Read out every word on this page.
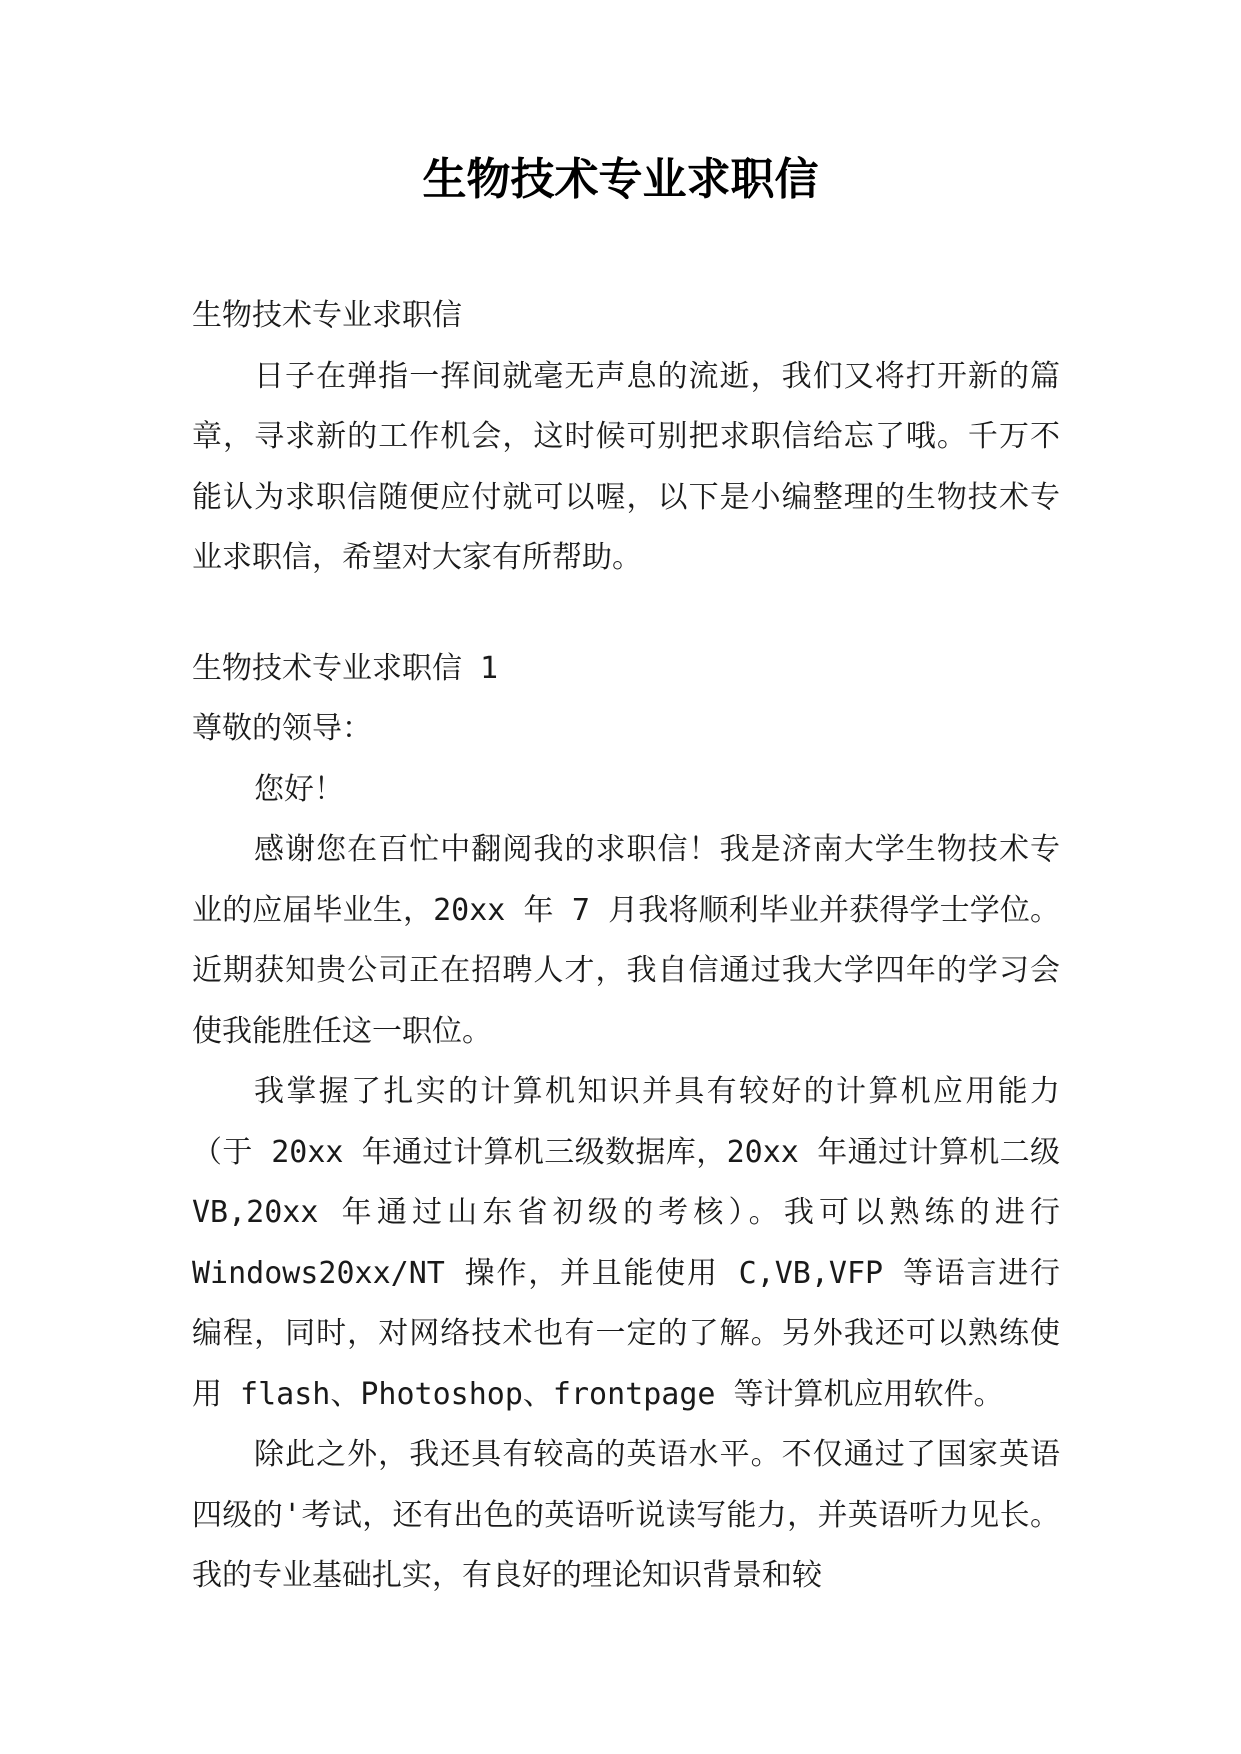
生物技术专业求职信

生物技术专业求职信

日子在弹指一挥间就毫无声息的流逝，我们又将打开新的篇章，寻求新的工作机会，这时候可别把求职信给忘了哦。千万不能认为求职信随便应付就可以喔，以下是小编整理的生物技术专业求职信，希望对大家有所帮助。

生物技术专业求职信 1

尊敬的领导：

您好！

感谢您在百忙中翻阅我的求职信！我是济南大学生物技术专业的应届毕业生，20xx 年 7 月我将顺利毕业并获得学士学位。近期获知贵公司正在招聘人才，我自信通过我大学四年的学习会使我能胜任这一职位。

我掌握了扎实的计算机知识并具有较好的计算机应用能力（于 20xx 年通过计算机三级数据库，20xx 年通过计算机二级 VB,20xx 年通过山东省初级的考核）。我可以熟练的进行 Windows20xx/NT 操作，并且能使用 C,VB,VFP 等语言进行编程，同时，对网络技术也有一定的了解。另外我还可以熟练使用 flash、Photoshop、frontpage 等计算机应用软件。

除此之外，我还具有较高的英语水平。不仅通过了国家英语四级的'考试，还有出色的英语听说读写能力，并英语听力见长。我的专业基础扎实，有良好的理论知识背景和较
